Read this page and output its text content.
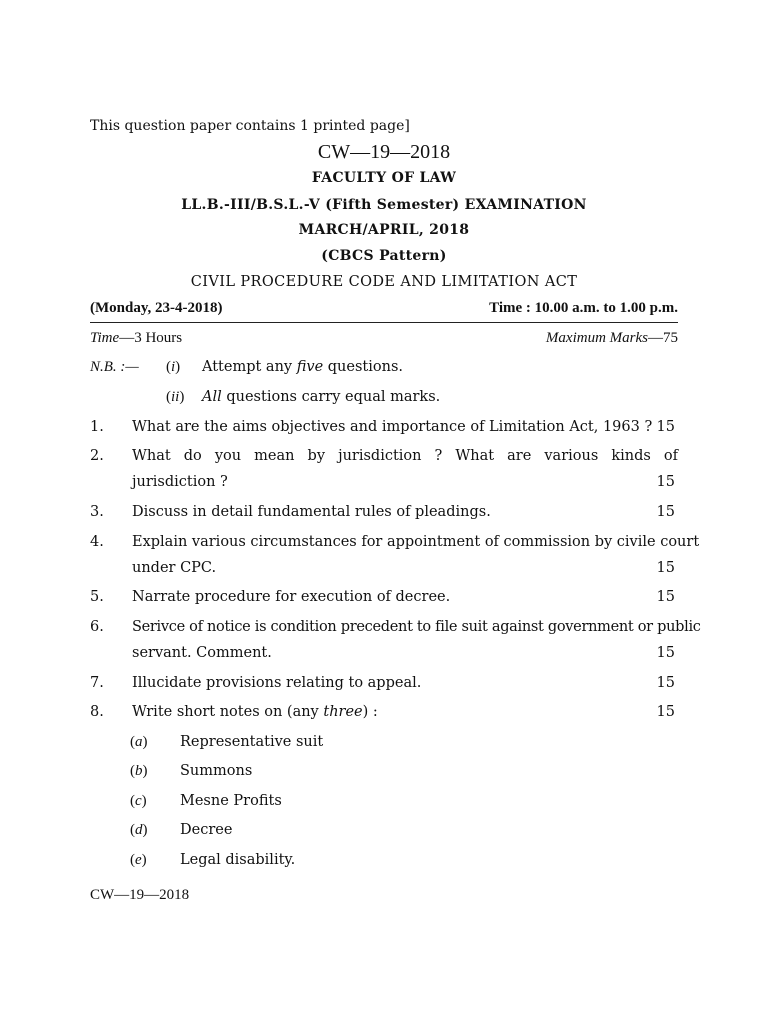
This question paper contains 1 printed page]
CW—19—2018
FACULTY OF LAW
LL.B.-III/B.S.L.-V (Fifth Semester) EXAMINATION
MARCH/APRIL, 2018
(CBCS Pattern)
CIVIL PROCEDURE CODE AND LIMITATION ACT
(Monday, 23-4-2018)	Time : 10.00 a.m. to 1.00 p.m.
Time—3 Hours	Maximum Marks—75
N.B. :— (i) Attempt any five questions.
(ii) All questions carry equal marks.
1. What are the aims objectives and importance of Limitation Act, 1963 ? 15
2. What do you mean by jurisdiction ? What are various kinds of
jurisdiction ?	15
3. Discuss in detail fundamental rules of pleadings.	15
4. Explain various circumstances for appointment of commission by civile court
under CPC.	15
5. Narrate procedure for execution of decree.	15
6. Serivce of notice is condition precedent to file suit against government or public
servant. Comment.	15
7. Illucidate provisions relating to appeal.	15
8. Write short notes on (any three) :	15
(a) Representative suit
(b) Summons
(c) Mesne Profits
(d) Decree
(e) Legal disability.
CW—19—2018
